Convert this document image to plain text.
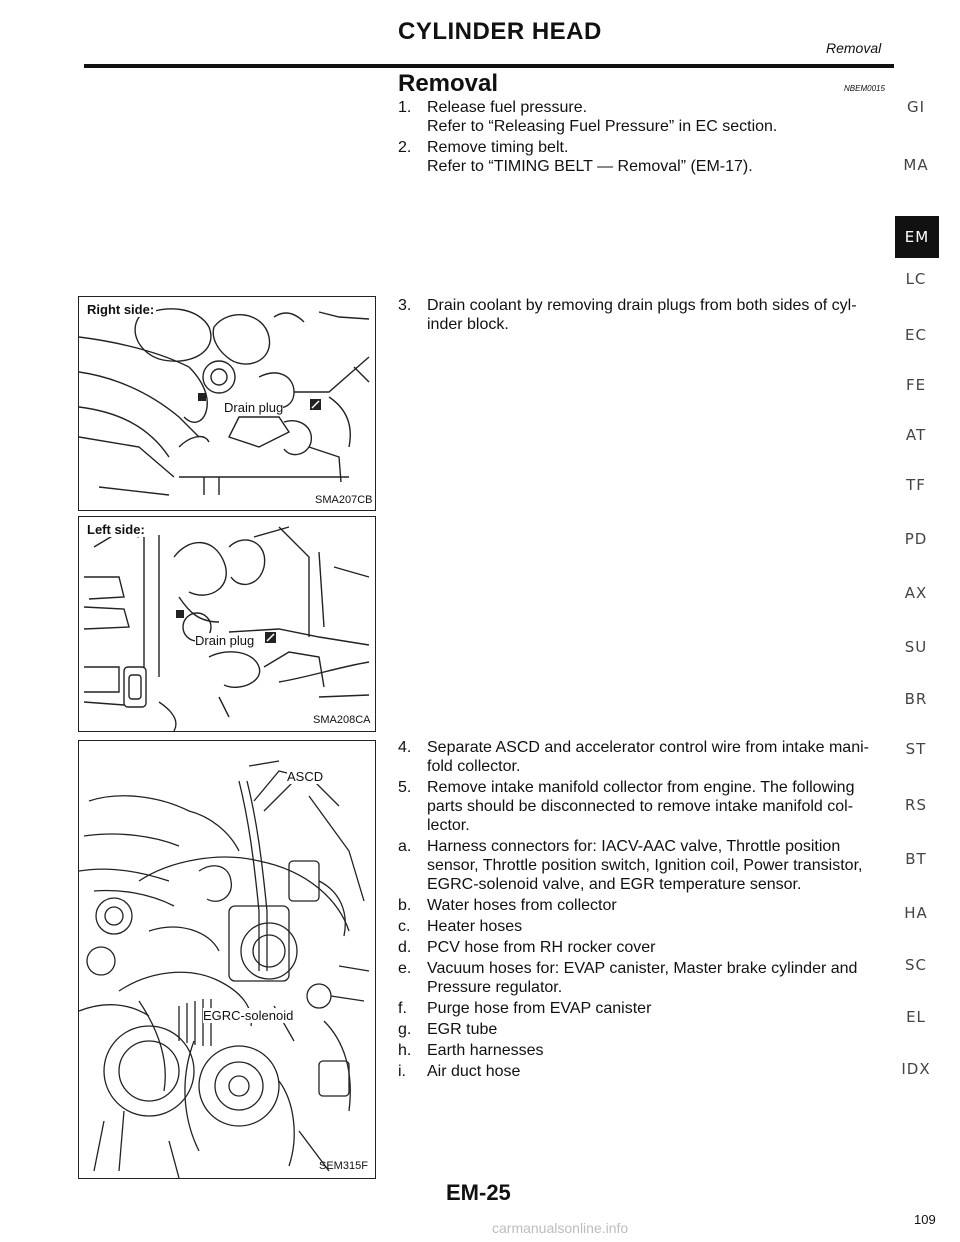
CYLINDER HEAD
Removal
Removal	NBEM0015
1. Release fuel pressure.
Refer to “Releasing Fuel Pressure” in EC section.
2. Remove timing belt.
Refer to “TIMING BELT — Removal” (EM-17).
3. Drain coolant by removing drain plugs from both sides of cyl-
inder block.
4. Separate ASCD and accelerator control wire from intake mani-
fold collector.
5. Remove intake manifold collector from engine. The following
parts should be disconnected to remove intake manifold col-
lector.
a. Harness connectors for: IACV-AAC valve, Throttle position
sensor, Throttle position switch, Ignition coil, Power transistor,
EGRC-solenoid valve, and EGR temperature sensor.
b. Water hoses from collector
c. Heater hoses
d. PCV hose from RH rocker cover
e. Vacuum hoses for: EVAP canister, Master brake cylinder and
Pressure regulator.
f. Purge hose from EVAP canister
g. EGR tube
h. Earth harnesses
i. Air duct hose
Right side:
Drain plug
SMA207CB
Left side:
Drain plug
SMA208CA
ASCD
EGRC-solenoid
SEM315F
GI
MA
EM
LC
EC
FE
AT
TF
PD
AX
SU
BR
ST
RS
BT
HA
SC
EL
IDX
EM-25
109
carmanualsonline.info
